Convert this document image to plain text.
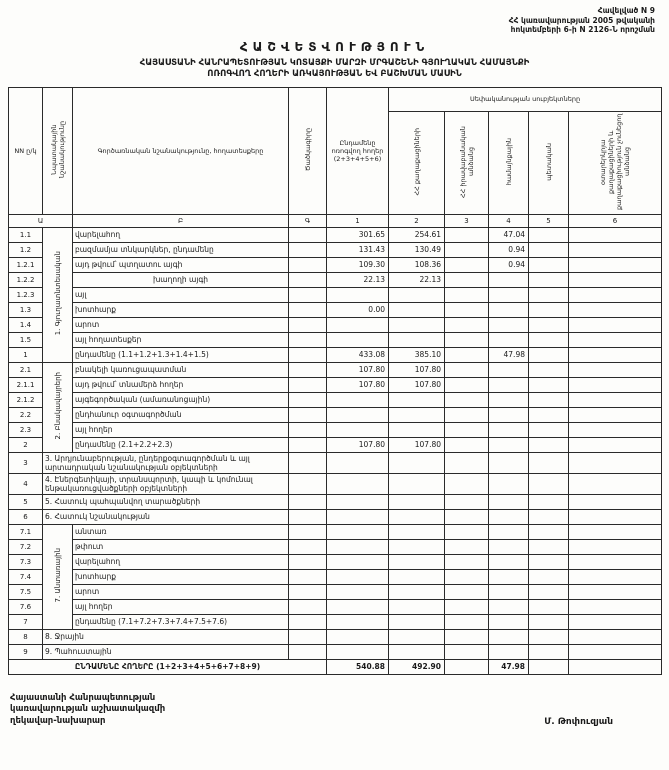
Հավելված N 9
ՀՀ կառավարության 2005 թվականի
հոկտեմբերի 6-ի N 2126-Ն որոշման
ՀԱՇՎԵՏՎՈՒԹՅՈՒՆ
ՀԱՅԱՍՏԱՆԻ ՀԱՆՐԱՊԵՏՈՒԹՅԱՆ ԿՈՏԱՅՔԻ ՄԱՐԶԻ ՄՐԳԱՇԵՆԻ ԳՅՈՒՂԱԿԱՆ ՀԱՄԱՅՆՔԻ
ՈՌՈԳՎՈՂ ՀՈՂԵՐԻ ԱՌԿԱՅՈՒԹՅԱՆ ԵՎ ԲԱՇԽՄԱՆ ՄԱՍԻՆ
NN ը/կ	Նպատակային նշանակությունը	Գործառնական նշանակությունը, հողատեսքերը	Ծածկագիրը	Ընդամենը ոռոգվող հողեր (2+3+4+5+6)	Սեփականության սուբյեկտները				
					ՀՀ քաղաքացիների	ՀՀ իրավաբանական անձանց	համայնքային	պետական	օտարերկրյա քաղաքացիների և քաղաքացիություն չունեցող անձանց
Ա		Բ	Գ	1	2	3	4	5	6
1.1	1. Գյուղատնտեսական	վարելահող		301.65	254.61		47.04		
1.2		բազմամյա տնկարկներ, ընդամենը		131.43	130.49		0.94		
1.2.1		այդ թվում՝ պտղատու այգի		109.30	108.36		0.94		
1.2.2		խաղողի այգի		22.13	22.13				
1.2.3		այլ							
1.3		խոտհարք		0.00					
1.4		արոտ							
1.5		այլ հողատեսքեր							
1		ընդամենը (1.1+1.2+1.3+1.4+1.5)		433.08	385.10		47.98		
2.1	2. Բնակավայրերի	բնակելի կառուցապատման		107.80	107.80				
2.1.1		այդ թվում՝ տնամերձ հողեր		107.80	107.80				
2.1.2		այգեգործական (ամառանոցային)							
2.2		ընդհանուր օգտագործման							
2.3		այլ հողեր							
2		ընդամենը (2.1+2.2+2.3)		107.80	107.80				
3	3. Արդյունաբերության, ընդերքօգտագործման և այլ արտադրական նշանակության օբյեկտների								
4	4. Էներգետիկայի, տրանսպորտի, կապի և կոմունալ ենթակառուցվածքների օբյեկտների								
5	5. Հատուկ պահպանվող տարածքների								
6	6. Հատուկ նշանակության								
7.1	7. Անտառային	անտառ							
7.2		թփուտ							
7.3		վարելահող							
7.4		խոտհարք							
7.5		արոտ							
7.6		այլ հողեր							
7		ընդամենը (7.1+7.2+7.3+7.4+7.5+7.6)							
8	8. Ջրային								
9	9. Պահուստային								
ԸՆԴԱՄԵՆԸ ՀՈՂԵՐԸ (1+2+3+4+5+6+7+8+9)				540.88	492.90		47.98		
Հայաստանի Հանրապետության
կառավարության աշխատակազմի
ղեկավար-նախարար	Մ. Թոփուզյան
